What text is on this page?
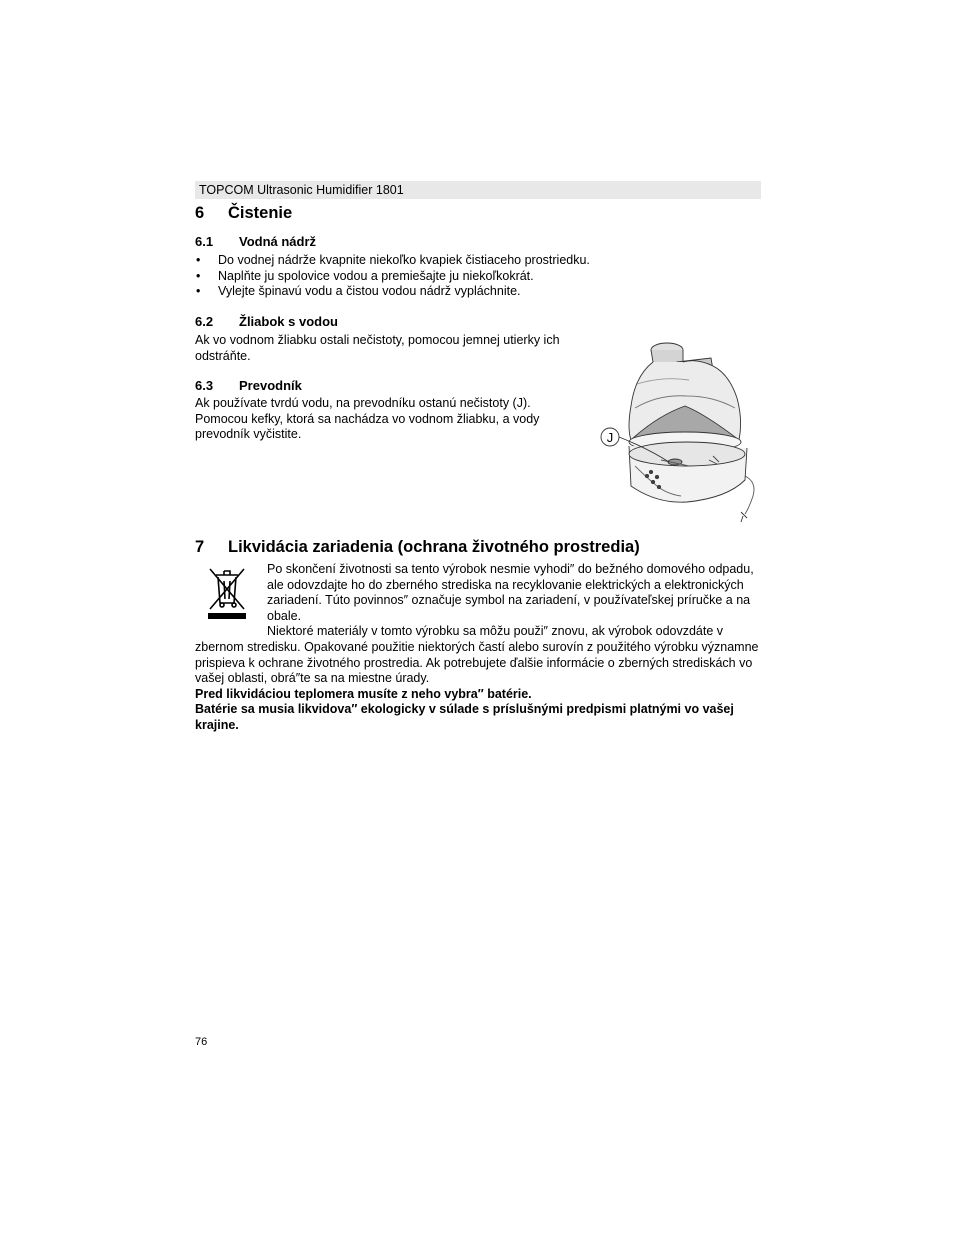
TOPCOM Ultrasonic Humidifier 1801
6 Čistenie
6.1 Vodná nádrž
• Do vodnej nádrže kvapnite niekoľko kvapiek čistiaceho prostriedku.
• Naplňte ju spolovice vodou a premiešajte ju niekoľkokrát.
• Vylejte špinavú vodu a čistou vodou nádrž vypláchnite.
6.2 Žliabok s vodou
Ak vo vodnom žliabku ostali nečistoty, pomocou jemnej utierky ich
odstráňte.
6.3 Prevodník
Ak používate tvrdú vodu, na prevodníku ostanú nečistoty (J).
Pomocou kefky, ktorá sa nachádza vo vodnom žliabku, a vody
prevodník vyčistite.	J
7 Likvidácia zariadenia (ochrana životného prostredia)
Po skončení životnosti sa tento výrobok nesmie vyhodi″ do bežného domového odpadu,
ale odovzdajte ho do zberného strediska na recyklovanie elektrických a elektronických
zariadení. Túto povinnos″ označuje symbol na zariadení, v používateľskej príručke a na
obale.
Niektoré materiály v tomto výrobku sa môžu použi″ znovu, ak výrobok odovzdáte v
zbernom stredisku. Opakované použitie niektorých častí alebo surovín z použitého výrobku významne
prispieva k ochrane životného prostredia. Ak potrebujete ďalšie informácie o zberných strediskách vo
vašej oblasti, obrá″te sa na miestne úrady.
Pred likvidáciou teplomera musíte z neho vybra″ batérie.
Batérie sa musia likvidova″ ekologicky v súlade s príslušnými predpismi platnými vo vašej
krajine.
76
